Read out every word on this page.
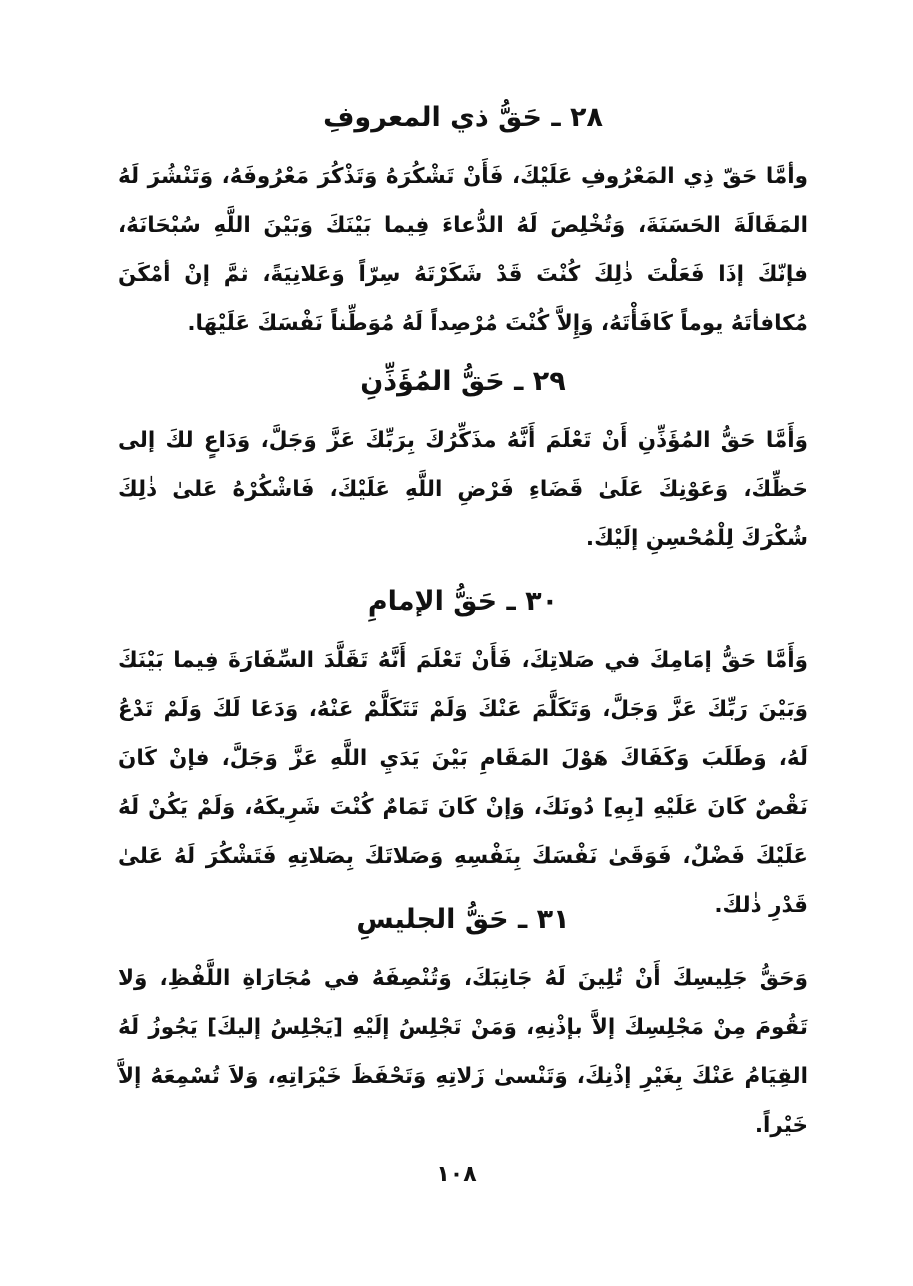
٢٨ ـ حَقُّ ذي المعروفِ

وأمَّا حَقّ ذِي المَعْرُوفِ عَلَيْكَ، فَأَنْ تَشْكُرَهُ وَتَذْكُرَ مَعْرُوفَهُ، وَتَنْشُرَ لَهُ المَقَالَةَ الحَسَنَةَ، وَتُخْلِصَ لَهُ الدُّعاءَ فِيما بَيْنَكَ وَبَيْنَ اللَّهِ سُبْحَانَهُ، فإنّكَ إذَا فَعَلْتَ ذٰلِكَ كُنْتَ قَدْ شَكَرْتَهُ سِرّاً وَعَلانِيَةً، ثمَّ إنْ أمْكَنَ مُكافأتَهُ يوماً كَافَأْتَهُ، وَإِلاَّ كُنْتَ مُرْصِداً لَهُ مُوَطِّناً نَفْسَكَ عَلَيْهَا.

٢٩ ـ حَقُّ المُؤَذِّنِ

وَأَمَّا حَقُّ المُؤَذِّنِ أَنْ تَعْلَمَ أَنَّهُ مذَكِّرُكَ بِرَبِّكَ عَزَّ وَجَلَّ، وَدَاعٍ لكَ إلى حَظِّكَ، وَعَوْنِكَ عَلَىٰ قَضَاءِ فَرْضِ اللَّهِ عَلَيْكَ، فَاشْكُرْهُ عَلىٰ ذٰلِكَ شُكْرَكَ لِلْمُحْسِنِ إلَيْكَ.

٣٠ ـ حَقُّ الإمامِ

وَأَمَّا حَقُّ إمَامِكَ في صَلاتِكَ، فَأَنْ تَعْلَمَ أَنَّهُ تَقَلَّدَ السِّفَارَةَ فِيما بَيْنَكَ وَبَيْنَ رَبِّكَ عَزَّ وَجَلَّ، وَتَكَلَّمَ عَنْكَ وَلَمْ تَتَكَلَّمْ عَنْهُ، وَدَعَا لَكَ وَلَمْ تَدْعُ لَهُ، وَطَلَبَ وَكَفَاكَ هَوْلَ المَقَامِ بَيْنَ يَدَيِ اللَّهِ عَزَّ وَجَلَّ، فإنْ كَانَ نَقْصٌ كَانَ عَلَيْهِ [بِهِ] دُونَكَ، وَإنْ كَانَ تَمَامٌ كُنْتَ شَرِيكَهُ، وَلَمْ يَكُنْ لَهُ عَلَيْكَ فَضْلٌ، فَوَقَىٰ نَفْسَكَ بِنَفْسِهِ وَصَلاتَكَ بِصَلاتِهِ فَتَشْكُرَ لَهُ عَلىٰ قَدْرِ ذٰلكَ.

٣١ ـ حَقُّ الجليسِ

وَحَقُّ جَلِيسِكَ أَنْ تُلِينَ لَهُ جَانِبَكَ، وَتُنْصِفَهُ في مُجَارَاةِ اللَّفْظِ، وَلا تَقُومَ مِنْ مَجْلِسِكَ إلاَّ بإذْنِهِ، وَمَنْ تَجْلِسُ إلَيْهِ [يَجْلِسُ إليكَ] يَجُوزُ لَهُ القِيَامُ عَنْكَ بِغَيْرِ إذْنِكَ، وَتَنْسىٰ زَلاتِهِ وَتَحْفَظَ خَيْرَاتِهِ، وَلاَ تُسْمِعَهُ إلاَّ خَيْراً.

١٠٨
